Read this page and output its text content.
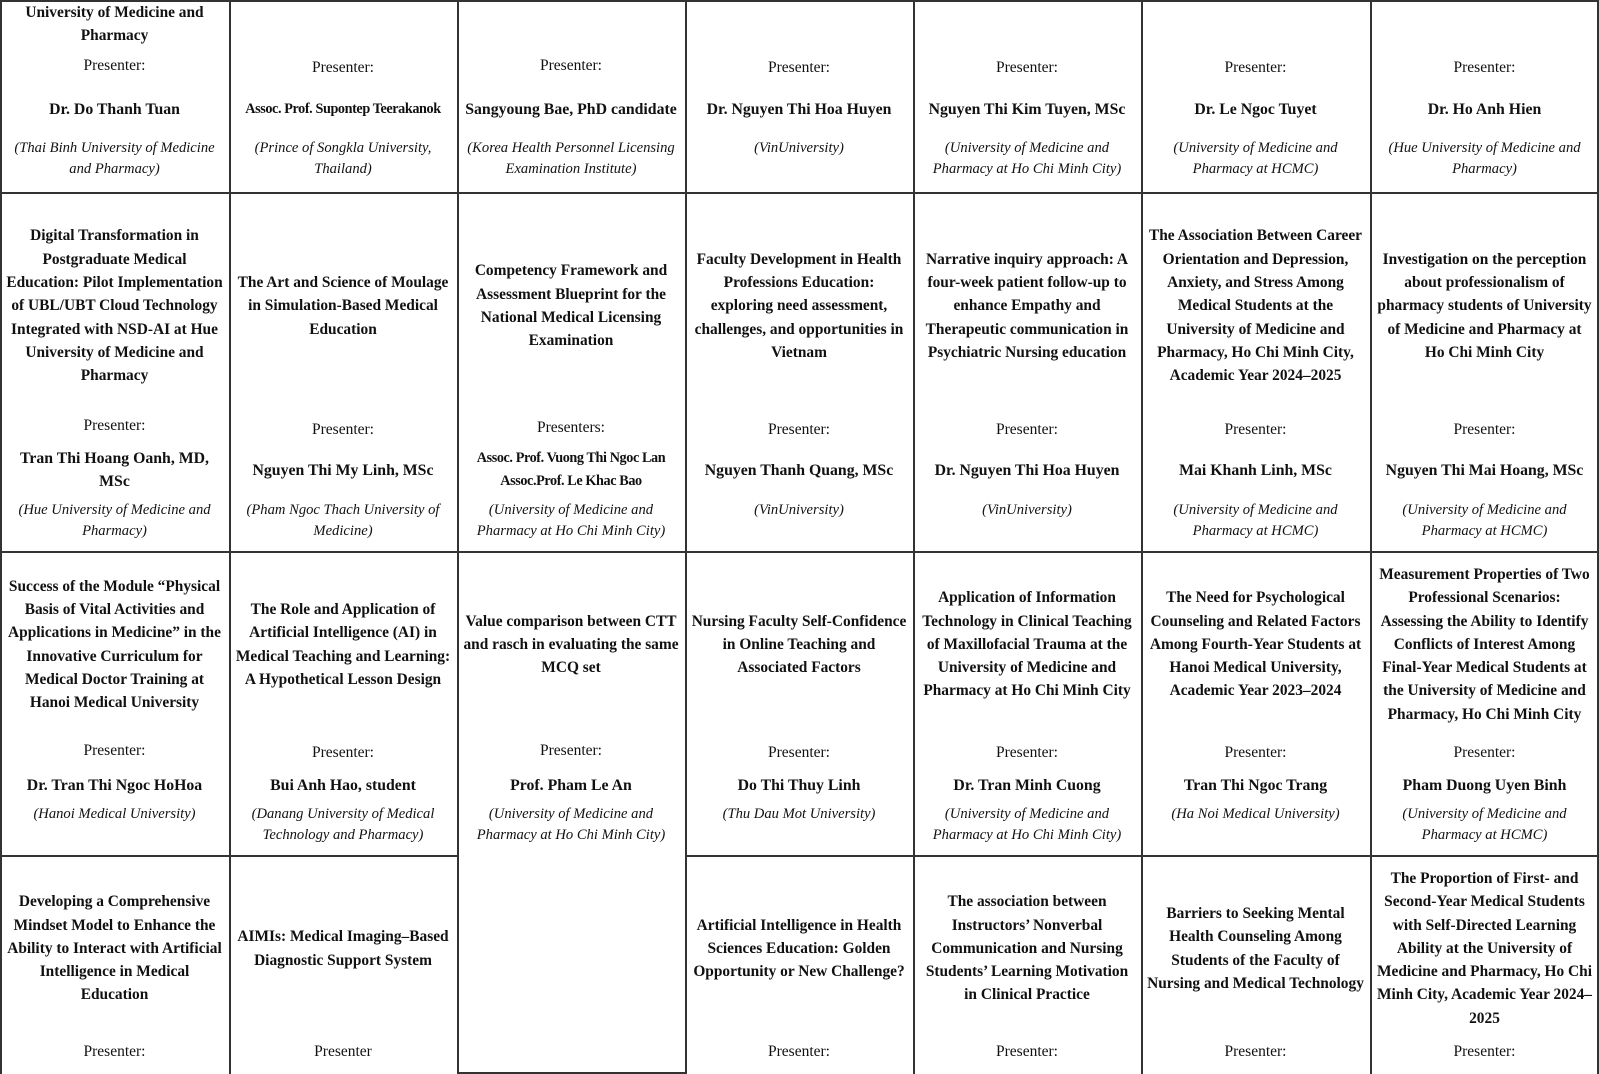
University of Medicine and Pharmacy
Presenter:
Dr. Do Thanh Tuan
(Thai Binh University of Medicine and Pharmacy)
Presenter:
Assoc. Prof. Supontep Teerakanok
(Prince of Songkla University, Thailand)
Presenter:
Sangyoung Bae, PhD candidate
(Korea Health Personnel Licensing Examination Institute)
Presenter:
Dr. Nguyen Thi Hoa Huyen
(VinUniversity)
Presenter:
Nguyen Thi Kim Tuyen, MSc
(University of Medicine and Pharmacy at Ho Chi Minh City)
Presenter:
Dr. Le Ngoc Tuyet
(University of Medicine and Pharmacy at HCMC)
Presenter:
Dr. Ho Anh Hien
(Hue University of Medicine and Pharmacy)
Digital Transformation in Postgraduate Medical Education: Pilot Implementation of UBL/UBT Cloud Technology Integrated with NSD-AI at Hue University of Medicine and Pharmacy
Presenter:
Tran Thi Hoang Oanh, MD, MSc
(Hue University of Medicine and Pharmacy)
The Art and Science of Moulage in Simulation-Based Medical Education
Presenter:
Nguyen Thi My Linh, MSc
(Pham Ngoc Thach University of Medicine)
Competency Framework and Assessment Blueprint for the National Medical Licensing Examination
Presenters:
Assoc. Prof. Vuong Thi Ngoc Lan
Assoc.Prof. Le Khac Bao
(University of Medicine and Pharmacy at Ho Chi Minh City)
Faculty Development in Health Professions Education: exploring need assessment, challenges, and opportunities in Vietnam
Presenter:
Nguyen Thanh Quang, MSc
(VinUniversity)
Narrative inquiry approach: A four-week patient follow-up to enhance Empathy and Therapeutic communication in Psychiatric Nursing education
Presenter:
Dr. Nguyen Thi Hoa Huyen
(VinUniversity)
The Association Between Career Orientation and Depression, Anxiety, and Stress Among Medical Students at the University of Medicine and Pharmacy, Ho Chi Minh City, Academic Year 2024–2025
Presenter:
Mai Khanh Linh, MSc
(University of Medicine and Pharmacy at HCMC)
Investigation on the perception about professionalism of pharmacy students of University of Medicine and Pharmacy at Ho Chi Minh City
Presenter:
Nguyen Thi Mai Hoang, MSc
(University of Medicine and Pharmacy at HCMC)
Success of the Module “Physical Basis of Vital Activities and Applications in Medicine” in the Innovative Curriculum for Medical Doctor Training at Hanoi Medical University
Presenter:
Dr. Tran Thi Ngoc HoHoa
(Hanoi Medical University)
The Role and Application of Artificial Intelligence (AI) in Medical Teaching and Learning: A Hypothetical Lesson Design
Presenter:
Bui Anh Hao, student
(Danang University of Medical Technology and Pharmacy)
Value comparison between CTT and rasch in evaluating the same MCQ set
Presenter:
Prof. Pham Le An
(University of Medicine and Pharmacy at Ho Chi Minh City)
Nursing Faculty Self-Confidence in Online Teaching and Associated Factors
Presenter:
Do Thi Thuy Linh
(Thu Dau Mot University)
Application of Information Technology in Clinical Teaching of Maxillofacial Trauma at the University of Medicine and Pharmacy at Ho Chi Minh City
Presenter:
Dr. Tran Minh Cuong
(University of Medicine and Pharmacy at Ho Chi Minh City)
The Need for Psychological Counseling and Related Factors Among Fourth-Year Students at Hanoi Medical University, Academic Year 2023–2024
Presenter:
Tran Thi Ngoc Trang
(Ha Noi Medical University)
Measurement Properties of Two Professional Scenarios: Assessing the Ability to Identify Conflicts of Interest Among Final-Year Medical Students at the University of Medicine and Pharmacy, Ho Chi Minh City
Presenter:
Pham Duong Uyen Binh
(University of Medicine and Pharmacy at HCMC)
Developing a Comprehensive Mindset Model to Enhance the Ability to Interact with Artificial Intelligence in Medical Education
Presenter:
AIMIs: Medical Imaging–Based Diagnostic Support System
Presenter
Artificial Intelligence in Health Sciences Education: Golden Opportunity or New Challenge?
Presenter:
The association between Instructors’ Nonverbal Communication and Nursing Students’ Learning Motivation in Clinical Practice
Presenter:
Barriers to Seeking Mental Health Counseling Among Students of the Faculty of Nursing and Medical Technology
Presenter:
The Proportion of First- and Second-Year Medical Students with Self-Directed Learning Ability at the University of Medicine and Pharmacy, Ho Chi Minh City, Academic Year 2024–2025
Presenter:
